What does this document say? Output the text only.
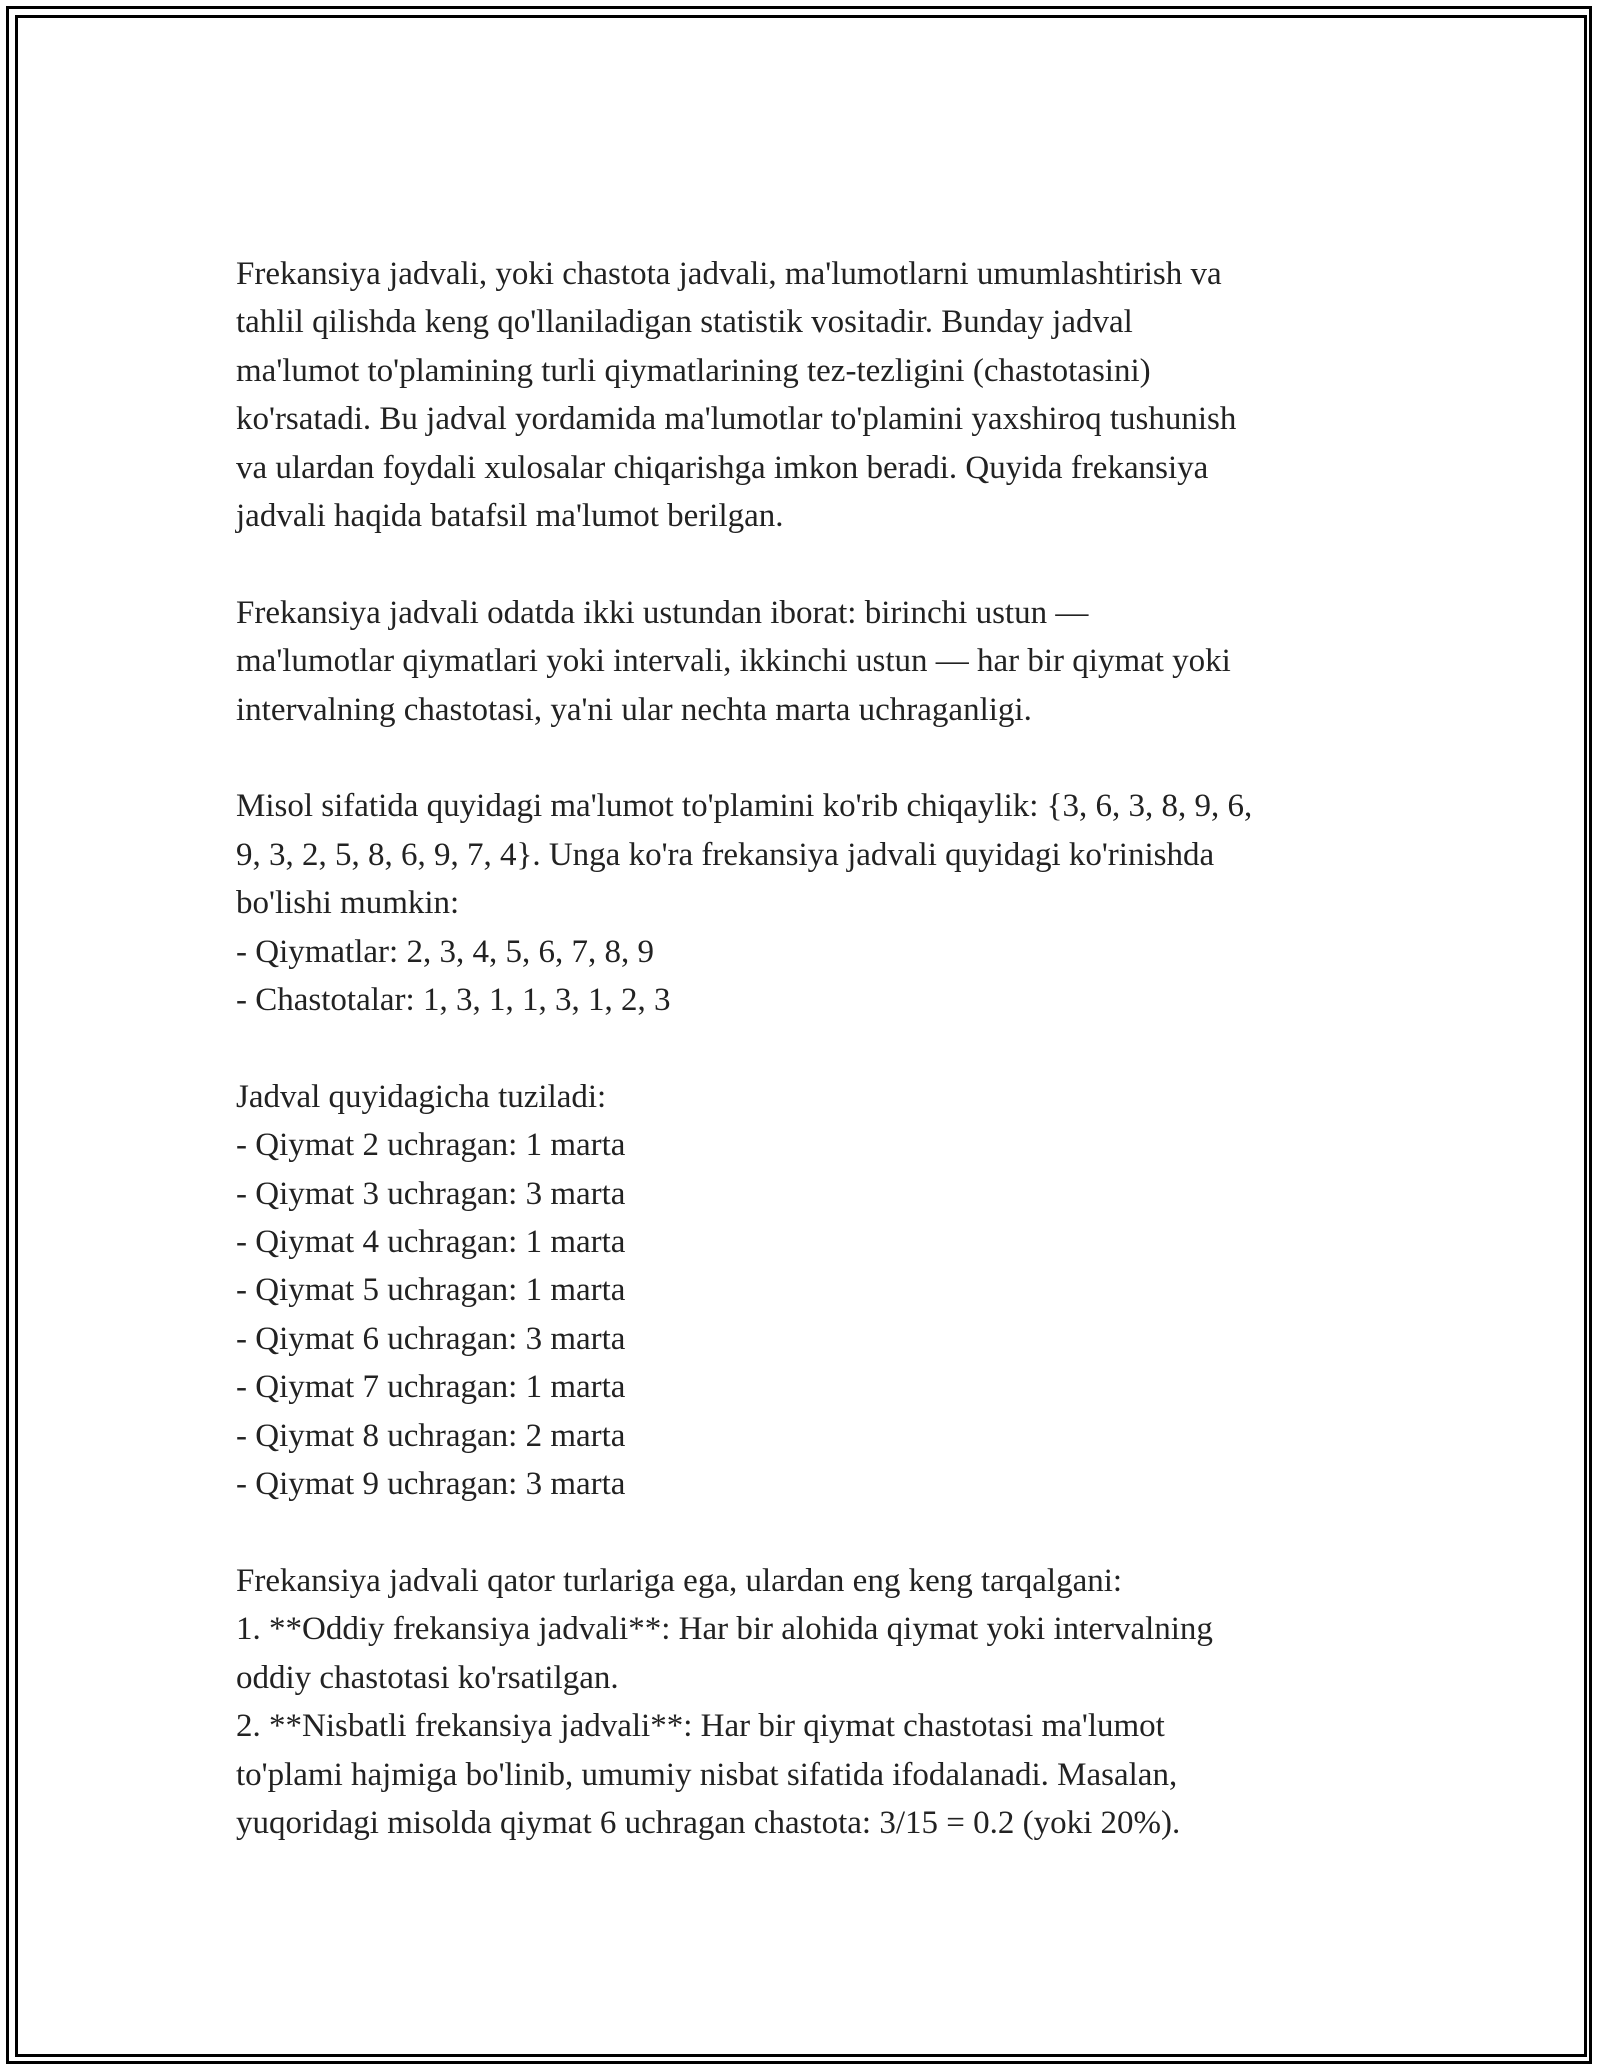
Frekansiya jadvali, yoki chastota jadvali, ma'lumotlarni umumlashtirish va
tahlil qilishda keng qo'llaniladigan statistik vositadir. Bunday jadval
ma'lumot to'plamining turli qiymatlarining tez-tezligini (chastotasini)
ko'rsatadi. Bu jadval yordamida ma'lumotlar to'plamini yaxshiroq tushunish
va ulardan foydali xulosalar chiqarishga imkon beradi. Quyida frekansiya
jadvali haqida batafsil ma'lumot berilgan.
Frekansiya jadvali odatda ikki ustundan iborat: birinchi ustun —
ma'lumotlar qiymatlari yoki intervali, ikkinchi ustun — har bir qiymat yoki
intervalning chastotasi, ya'ni ular nechta marta uchraganligi.
Misol sifatida quyidagi ma'lumot to'plamini ko'rib chiqaylik: {3, 6, 3, 8, 9, 6,
9, 3, 2, 5, 8, 6, 9, 7, 4}. Unga ko'ra frekansiya jadvali quyidagi ko'rinishda
bo'lishi mumkin:
- Qiymatlar: 2, 3, 4, 5, 6, 7, 8, 9
- Chastotalar: 1, 3, 1, 1, 3, 1, 2, 3
Jadval quyidagicha tuziladi:
- Qiymat 2 uchragan: 1 marta
- Qiymat 3 uchragan: 3 marta
- Qiymat 4 uchragan: 1 marta
- Qiymat 5 uchragan: 1 marta
- Qiymat 6 uchragan: 3 marta
- Qiymat 7 uchragan: 1 marta
- Qiymat 8 uchragan: 2 marta
- Qiymat 9 uchragan: 3 marta
Frekansiya jadvali qator turlariga ega, ulardan eng keng tarqalgani:
1. **Oddiy frekansiya jadvali**: Har bir alohida qiymat yoki intervalning
oddiy chastotasi ko'rsatilgan.
2. **Nisbatli frekansiya jadvali**: Har bir qiymat chastotasi ma'lumot
to'plami hajmiga bo'linib, umumiy nisbat sifatida ifodalanadi. Masalan,
yuqoridagi misolda qiymat 6 uchragan chastota: 3/15 = 0.2 (yoki 20%).
